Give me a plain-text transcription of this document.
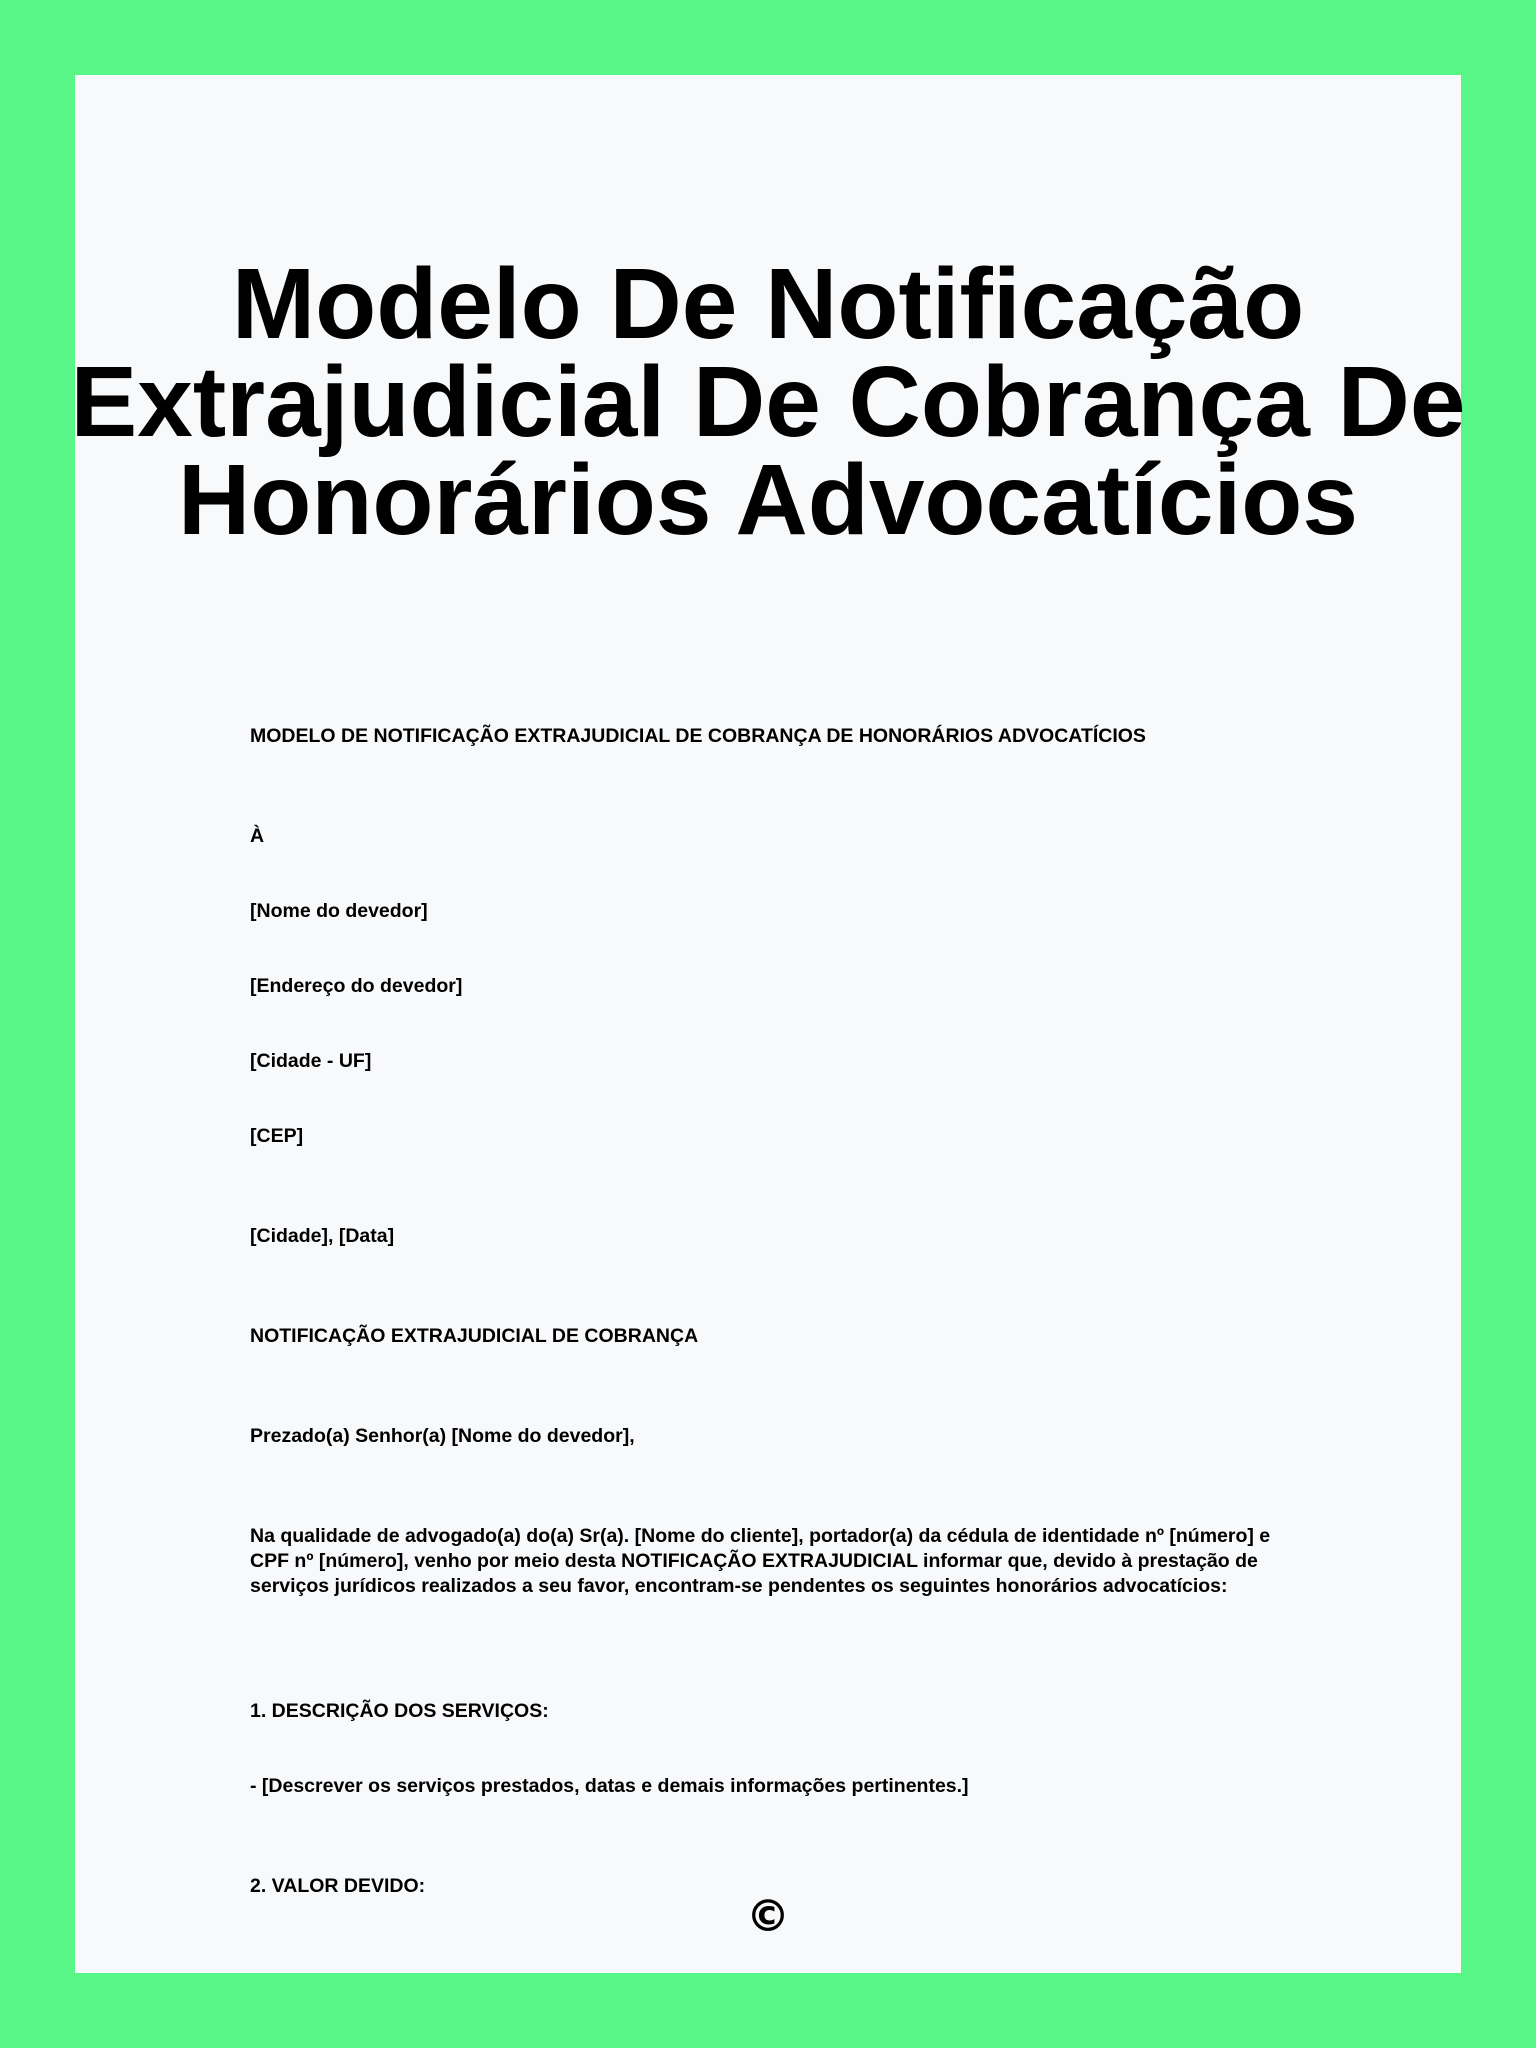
Modelo De Notificação Extrajudicial De Cobrança De Honorários Advocatícios

MODELO DE NOTIFICAÇÃO EXTRAJUDICIAL DE COBRANÇA DE HONORÁRIOS ADVOCATÍCIOS

À

[Nome do devedor]

[Endereço do devedor]

[Cidade - UF]

[CEP]

[Cidade], [Data]

NOTIFICAÇÃO EXTRAJUDICIAL DE COBRANÇA

Prezado(a) Senhor(a) [Nome do devedor],

Na qualidade de advogado(a) do(a) Sr(a). [Nome do cliente], portador(a) da cédula de identidade nº [número] e CPF nº [número], venho por meio desta NOTIFICAÇÃO EXTRAJUDICIAL informar que, devido à prestação de serviços jurídicos realizados a seu favor, encontram-se pendentes os seguintes honorários advocatícios:

1. DESCRIÇÃO DOS SERVIÇOS:

- [Descrever os serviços prestados, datas e demais informações pertinentes.]

2. VALOR DEVIDO:

©
